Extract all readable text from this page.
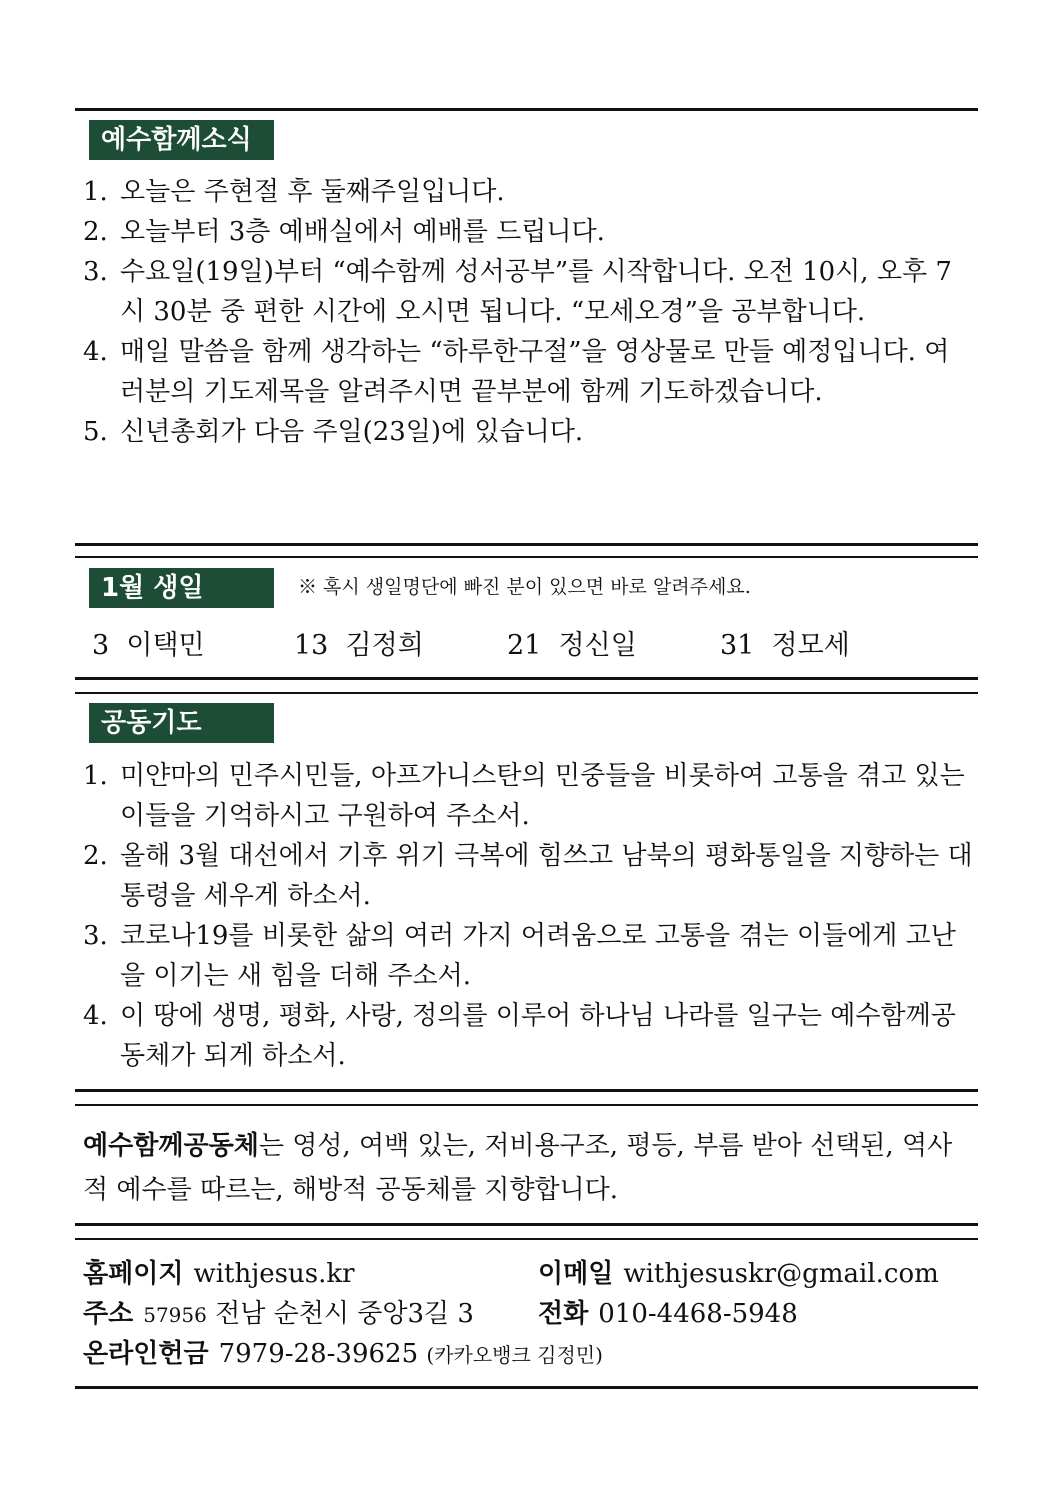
예수함께소식
1. 오늘은 주현절 후 둘째주일입니다.
2. 오늘부터 3층 예배실에서 예배를 드립니다.
3. 수요일(19일)부터 “예수함께 성서공부”를 시작합니다. 오전 10시, 오후 7시 30분 중 편한 시간에 오시면 됩니다. “모세오경”을 공부합니다.
4. 매일 말씀을 함께 생각하는 “하루한구절”을 영상물로 만들 예정입니다. 여러분의 기도제목을 알려주시면 끝부분에 함께 기도하겠습니다.
5. 신년총회가 다음 주일(23일)에 있습니다.
1월 생일	※ 혹시 생일명단에 빠진 분이 있으면 바로 알려주세요.
3 이택민	13 김정희	21 정신일	31 정모세
공동기도
1. 미얀마의 민주시민들, 아프가니스탄의 민중들을 비롯하여 고통을 겪고 있는 이들을 기억하시고 구원하여 주소서.
2. 올해 3월 대선에서 기후 위기 극복에 힘쓰고 남북의 평화통일을 지향하는 대통령을 세우게 하소서.
3. 코로나19를 비롯한 삶의 여러 가지 어려움으로 고통을 겪는 이들에게 고난을 이기는 새 힘을 더해 주소서.
4. 이 땅에 생명, 평화, 사랑, 정의를 이루어 하나님 나라를 일구는 예수함께공동체가 되게 하소서.
예수함께공동체는 영성, 여백 있는, 저비용구조, 평등, 부름 받아 선택된, 역사적 예수를 따르는, 해방적 공동체를 지향합니다.
홈페이지 withjesus.kr	이메일 withjesuskr@gmail.com
주소 57956 전남 순천시 중앙3길 3 전화 010-4468-5948
온라인헌금 7979-28-39625 (카카오뱅크 김정민)
